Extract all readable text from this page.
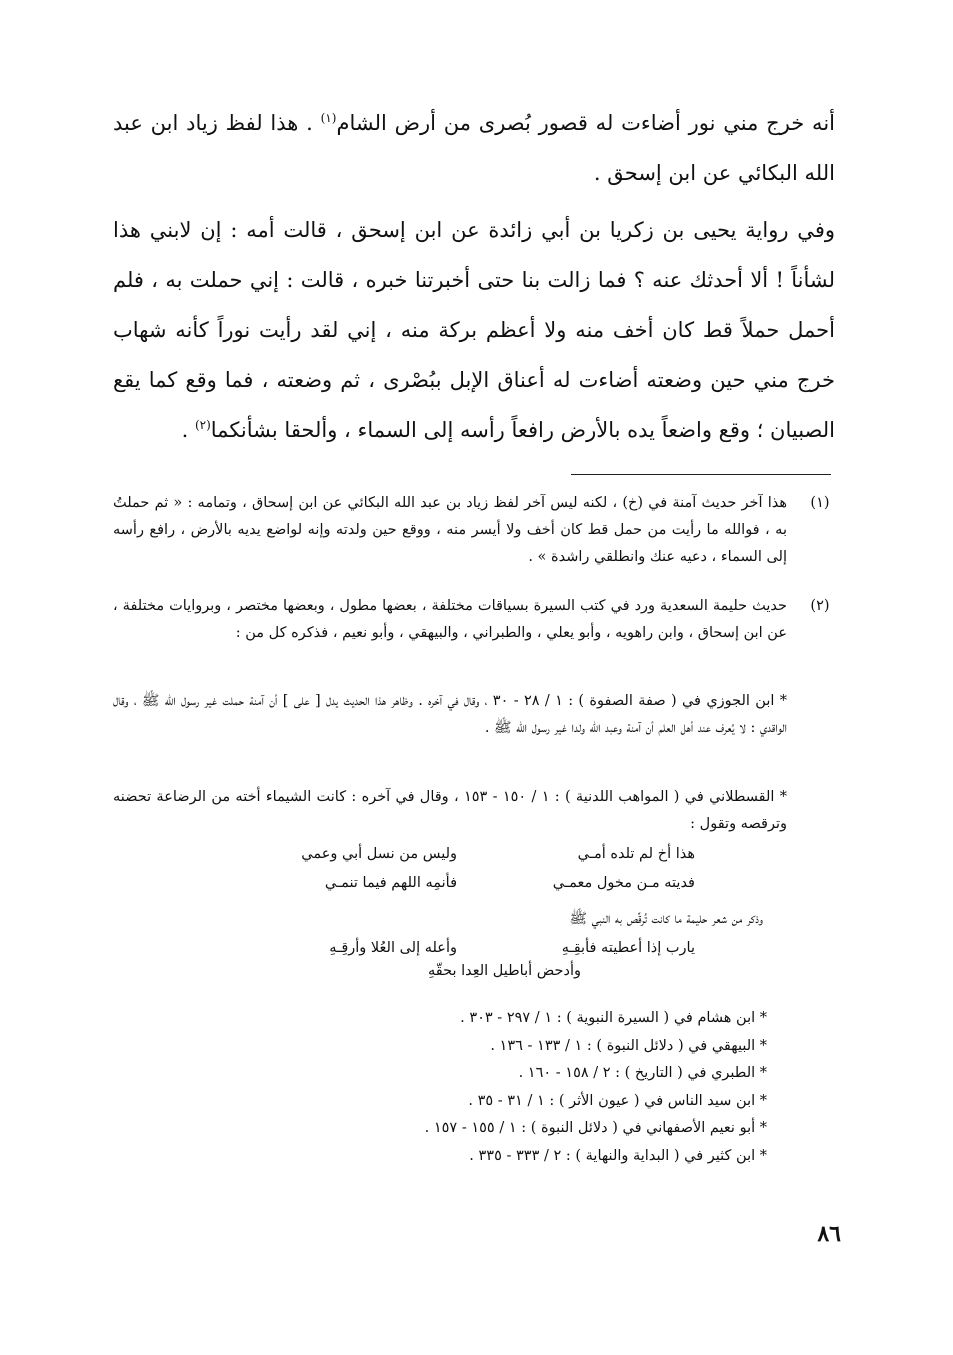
أنه خرج مني نور أضاءت له قصور بُصرى من أرض الشام$^{(١)}$ . هذا لفظ زياد ابن عبد الله البكائي عن ابن إسحق .

وفي رواية يحيى بن زكريا بن أبي زائدة عن ابن إسحق ، قالت أمه : إن لابني هذا لشأناً ! ألا أحدثك عنه ؟ فما زالت بنا حتى أخبرتنا خبره ، قالت : إني حملت به ، فلم أحمل حملاً قط كان أخف منه ولا أعظم بركة منه ، إني لقد رأيت نوراً كأنه شهاب خرج مني حين وضعته أضاءت له أعناق الإبل ببُصْرى ، ثم وضعته ، فما وقع كما يقع الصبيان ؛ وقع واضعاً يده بالأرض رافعاً رأسه إلى السماء ، وألحقا بشأنكما$^{(٢)}$ .

(١)

هذا آخر حديث آمنة في (خ) ، لكنه ليس آخر لفظ زياد بن عبد الله البكائي عن ابن إسحاق ، وتمامه : « ثم حملتُ به ، فوالله ما رأيت من حمل قط كان أخف ولا أيسر منه ، ووقع حين ولدته وإنه لواضع يديه بالأرض ، رافع رأسه إلى السماء ، دعيه عنك وانطلقي راشدة » .

(٢)

حديث حليمة السعدية ورد في كتب السيرة بسياقات مختلفة ، بعضها مطول ، وبعضها مختصر ، وبروايات مختلفة ، عن ابن إسحاق ، وابن راهويه ، وأبو يعلي ، والطبراني ، والبيهقي ، وأبو نعيم ، فذكره كل من :

* ابن الجوزي في ( صفة الصفوة ) : ١ / ٢٨ - ٣٠ ، وقال في آخره . وظاهر هذا الحديث يدل [ على ] أن آمنة حملت غير رسول الله ﷺ ، وقال الواقدي : لا يُعرف عند أهل العلم أن آمنة وعبد الله ولدا غير رسول الله ﷺ .

* القسطلاني في ( المواهب اللدنية ) : ١ / ١٥٠ - ١٥٣ ، وقال في آخره : كانت الشيماء أخته من الرضاعة تحضنه وترقصه وتقول :

هذا أخ لم تلده أمـي
وليس من نسل أبي وعمي
فديته مـن مخول معمـي
فأنمِه اللهم فيما تنمـي
وذكر من شعر حليمة ما كانت تُرقِّص به النبي ﷺ
يارب إذا أعطيته فأبقِـهِ
وأعله إلى العُلا وأرقِـهِ
وأدحض أباطيل العِدا بحقّهِ
* ابن هشام في ( السيرة النبوية ) : ١ / ٢٩٧ - ٣٠٣ .
* البيهقي في ( دلائل النبوة ) : ١ / ١٣٣ - ١٣٦ .
* الطبري في ( التاريخ ) : ٢ / ١٥٨ - ١٦٠ .
* ابن سيد الناس في ( عيون الأثر ) : ١ / ٣١ - ٣٥ .
* أبو نعيم الأصفهاني في ( دلائل النبوة ) : ١ / ١٥٥ - ١٥٧ .
* ابن كثير في ( البداية والنهاية ) : ٢ / ٣٣٣ - ٣٣٥ .
٨٦
